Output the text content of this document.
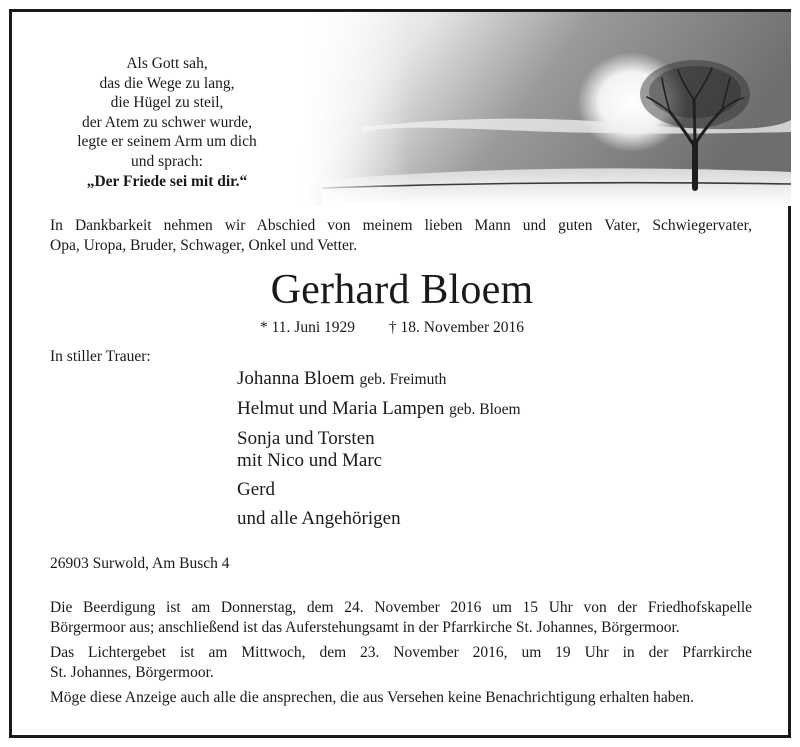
Als Gott sah,
das die Wege zu lang,
die Hügel zu steil,
der Atem zu schwer wurde,
legte er seinem Arm um dich
und sprach:
„Der Friede sei mit dir.“
In Dankbarkeit nehmen wir Abschied von meinem lieben Mann und guten Vater, Schwiegervater,
Opa, Uropa, Bruder, Schwager, Onkel und Vetter.
Gerhard Bloem
* 11. Juni 1929 † 18. November 2016
In stiller Trauer:
Johanna Bloem geb. Freimuth
Helmut und Maria Lampen geb. Bloem
Sonja und Torsten
mit Nico und Marc
Gerd
und alle Angehörigen
26903 Surwold, Am Busch 4
Die Beerdigung ist am Donnerstag, dem 24. November 2016 um 15 Uhr von der Friedhofskapelle
Börgermoor aus; anschließend ist das Auferstehungsamt in der Pfarrkirche St. Johannes, Börgermoor.
Das Lichtergebet ist am Mittwoch, dem 23. November 2016, um 19 Uhr in der Pfarrkirche
St. Johannes, Börgermoor.
Möge diese Anzeige auch alle die ansprechen, die aus Versehen keine Benachrichtigung erhalten haben.
